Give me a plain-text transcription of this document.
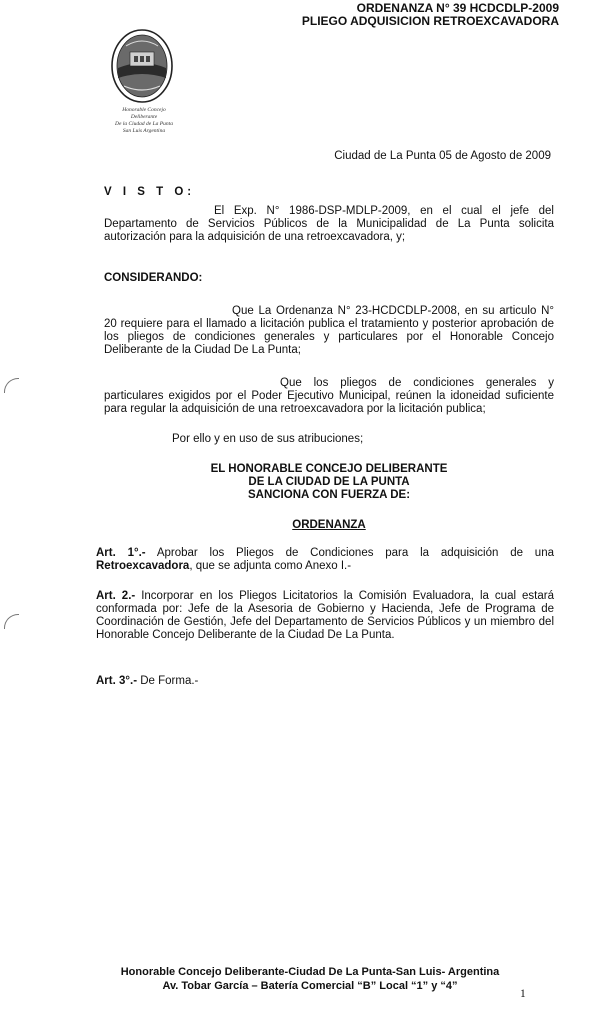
ORDENANZA N° 39 HCDCDLP-2009
PLIEGO ADQUISICION RETROEXCAVADORA
Honorable Concejo Deliberante
De la Ciudad de La Punta
San Luis Argentina
Ciudad de La Punta 05 de Agosto de 2009
V I S T O:
El Exp. N° 1986-DSP-MDLP-2009, en el cual el jefe del Departamento de Servicios Públicos de la Municipalidad de La Punta solicita autorización para la adquisición de una retroexcavadora, y;
CONSIDERANDO:
Que La Ordenanza N° 23-HCDCDLP-2008, en su articulo N° 20 requiere para el llamado a licitación publica el tratamiento y posterior aprobación de los pliegos de condiciones generales y particulares por el Honorable Concejo Deliberante de la Ciudad De La Punta;
Que los pliegos de condiciones generales y particulares exigidos por el Poder Ejecutivo Municipal, reúnen la idoneidad suficiente para regular la adquisición de una retroexcavadora por la licitación publica;
Por ello y en uso de sus atribuciones;
EL HONORABLE CONCEJO DELIBERANTE
DE LA CIUDAD DE LA PUNTA
SANCIONA CON FUERZA DE:
ORDENANZA
Art. 1°.- Aprobar los Pliegos de Condiciones para la adquisición de una Retroexcavadora, que se adjunta como Anexo I.-
Art. 2.- Incorporar en los Pliegos Licitatorios la Comisión Evaluadora, la cual estará conformada por: Jefe de la Asesoria de Gobierno y Hacienda, Jefe de Programa de Coordinación de Gestión, Jefe del Departamento de Servicios Públicos y un miembro del Honorable Concejo Deliberante de la Ciudad De La Punta.
Art. 3°.- De Forma.-
Honorable Concejo Deliberante-Ciudad De La Punta-San Luis- Argentina
Av. Tobar García – Batería Comercial “B” Local “1” y “4”
1
